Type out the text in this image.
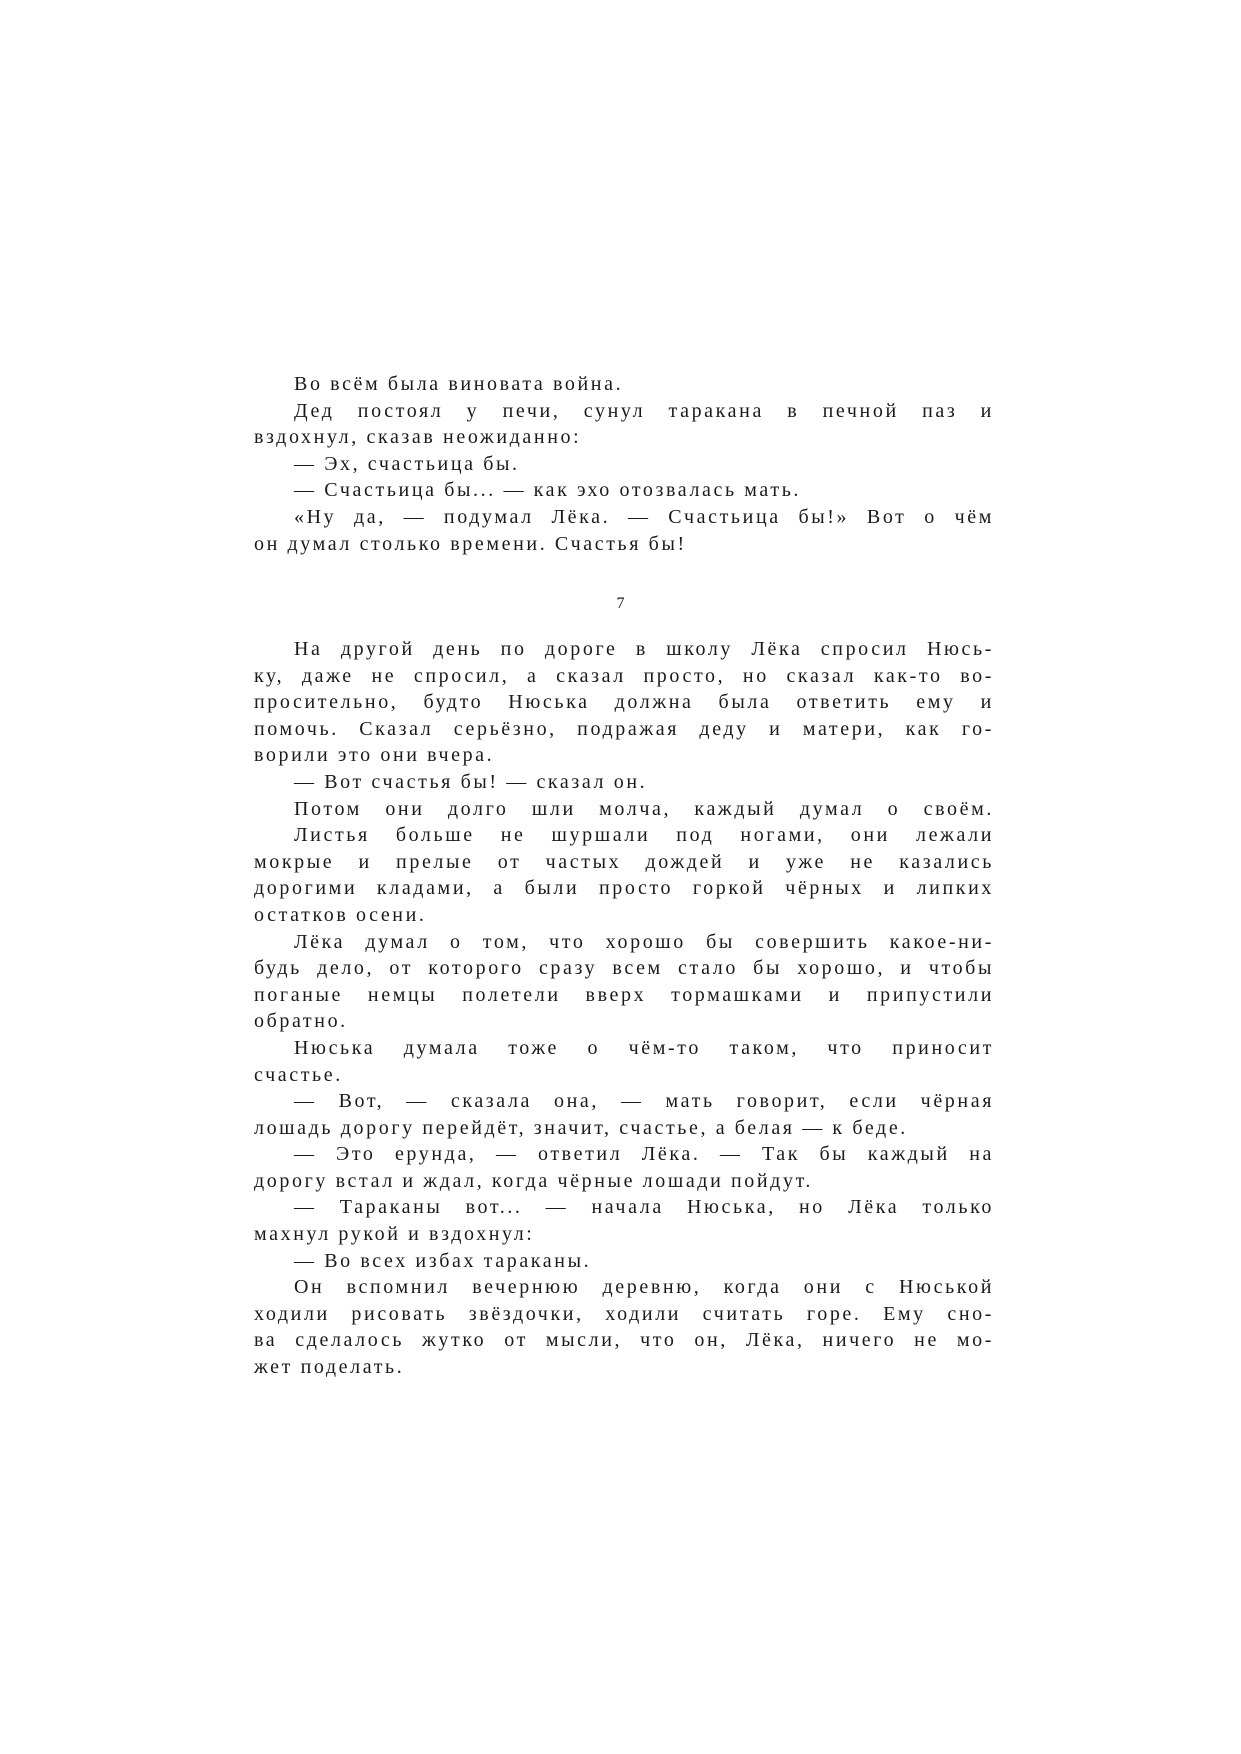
Во всём была виновата война.
Дед постоял у печи, сунул таракана в печной паз и
вздохнул, сказав неожиданно:
— Эх, счастьица бы.
— Счастьица бы... — как эхо отозвалась мать.
«Ну да, — подумал Лёка. — Счастьица бы!» Вот о чём
он думал столько времени. Счастья бы!
7
На другой день по дороге в школу Лёка спросил Нюсь-
ку, даже не спросил, а сказал просто, но сказал как-то во-
просительно, будто Нюська должна была ответить ему и
помочь. Сказал серьёзно, подражая деду и матери, как го-
ворили это они вчера.
— Вот счастья бы! — сказал он.
Потом они долго шли молча, каждый думал о своём.
Листья больше не шуршали под ногами, они лежали
мокрые и прелые от частых дождей и уже не казались
дорогими кладами, а были просто горкой чёрных и липких
остатков осени.
Лёка думал о том, что хорошо бы совершить какое-ни-
будь дело, от которого сразу всем стало бы хорошо, и чтобы
поганые немцы полетели вверх тормашками и припустили
обратно.
Нюська думала тоже о чём-то таком, что приносит
счастье.
— Вот, — сказала она, — мать говорит, если чёрная
лошадь дорогу перейдёт, значит, счастье, а белая — к беде.
— Это ерунда, — ответил Лёка. — Так бы каждый на
дорогу встал и ждал, когда чёрные лошади пойдут.
— Тараканы вот... — начала Нюська, но Лёка только
махнул рукой и вздохнул:
— Во всех избах тараканы.
Он вспомнил вечернюю деревню, когда они с Нюськой
ходили рисовать звёздочки, ходили считать горе. Ему сно-
ва сделалось жутко от мысли, что он, Лёка, ничего не мо-
жет поделать.
